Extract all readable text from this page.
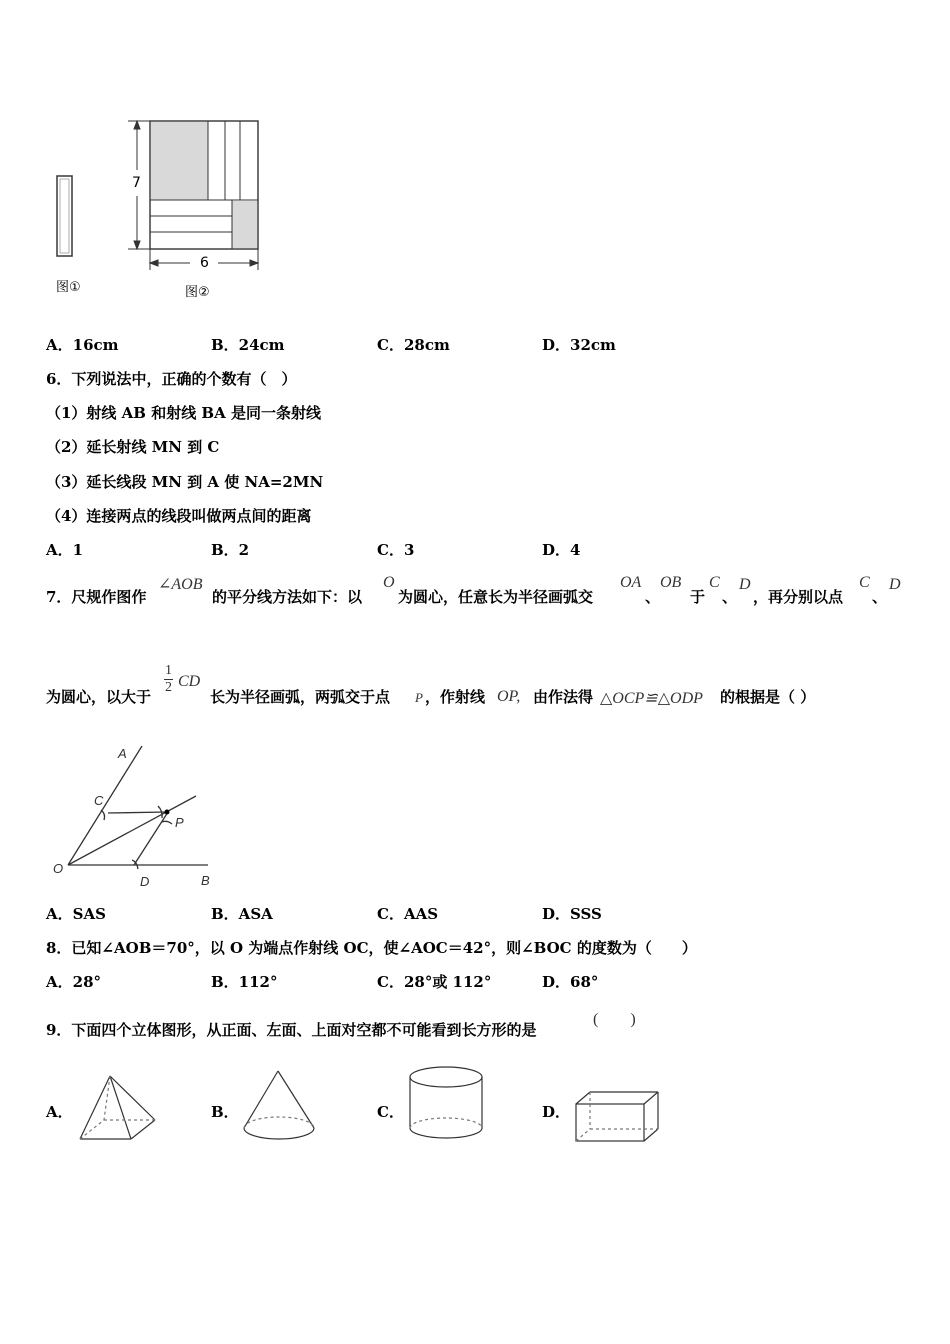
7
6
图①	图②
A．16cm	B．24cm	C．28cm	D．32cm
6．下列说法中，正确的个数有（　）
（1）射线 AB 和射线 BA 是同一条射线
（2）延长射线 MN 到 C
（3）延长线段 MN 到 A 使 NA=2MN
（4）连接两点的线段叫做两点间的距离
A．1	B．2	C．3	D．4
7．尺规作图作
∠AOB
的平分线方法如下：以
O
为圆心，任意长为半径画弧交
OA
、
OB
于
C
、
D
，再分别以点
C
、
D
为圆心，以大于
$\frac{1}{2}$ CD
长为半径画弧，两弧交于点 P ，作射线 OP, 由作法得 △OCP≌△ODP 的根据是（ ）
A
C
P
O
D	B
A．SAS	B．ASA	C．AAS	D．SSS
8．已知∠AOB＝70°，以 O 为端点作射线 OC，使∠AOC＝42°，则∠BOC 的度数为（　　）
A．28°	B．112°	C．28°或 112°	D．68°
9．下面四个立体图形，从正面、左面、上面对空都不可能看到长方形的是
(　　)
A．	B．	C．	D．
